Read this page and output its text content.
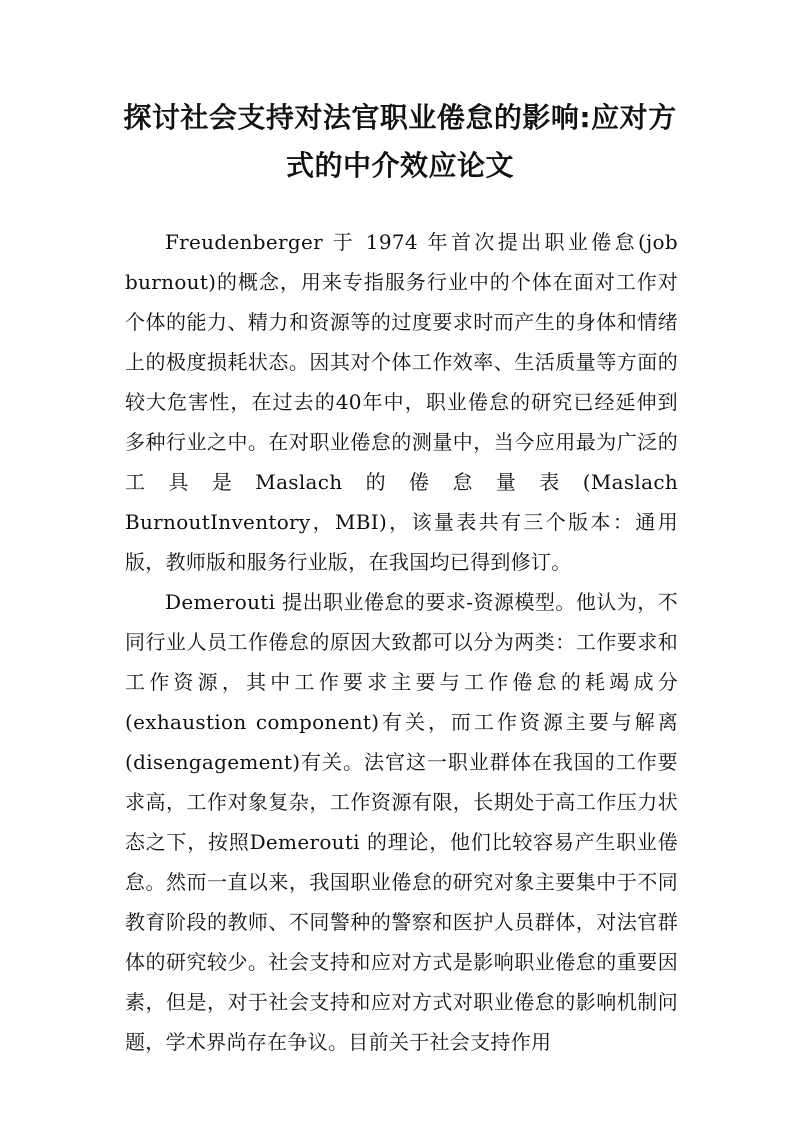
探讨社会支持对法官职业倦怠的影响:应对方式的中介效应论文

Freudenberger 于 1974 年首次提出职业倦怠(job burnout)的概念，用来专指服务行业中的个体在面对工作对个体的能力、精力和资源等的过度要求时而产生的身体和情绪上的极度损耗状态。因其对个体工作效率、生活质量等方面的较大危害性，在过去的40年中，职业倦怠的研究已经延伸到多种行业之中。在对职业倦怠的测量中，当今应用最为广泛的工具是Maslach的倦怠量表(Maslach BurnoutInventory，MBI)，该量表共有三个版本：通用版，教师版和服务行业版，在我国均已得到修订。

Demerouti 提出职业倦怠的要求-资源模型。他认为，不同行业人员工作倦怠的原因大致都可以分为两类：工作要求和工作资源，其中工作要求主要与工作倦怠的耗竭成分(exhaustion component)有关，而工作资源主要与解离(disengagement)有关。法官这一职业群体在我国的工作要求高，工作对象复杂，工作资源有限，长期处于高工作压力状态之下，按照Demerouti 的理论，他们比较容易产生职业倦怠。然而一直以来，我国职业倦怠的研究对象主要集中于不同教育阶段的教师、不同警种的警察和医护人员群体，对法官群体的研究较少。社会支持和应对方式是影响职业倦怠的重要因素，但是，对于社会支持和应对方式对职业倦怠的影响机制问题，学术界尚存在争议。目前关于社会支持作用
